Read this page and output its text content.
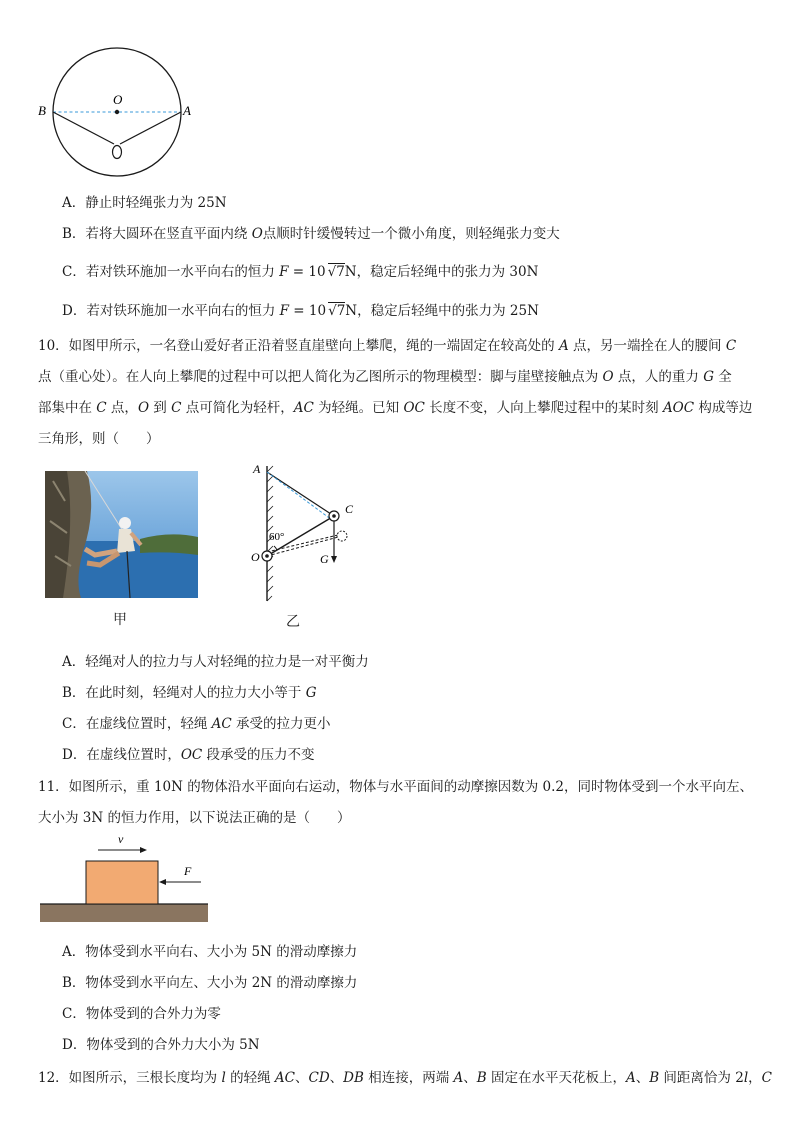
B
O
A
A．静止时轻绳张力为 25N
B．若将大圆环在竖直平面内绕 O点顺时针缓慢转过一个微小角度，则轻绳张力变大
C．若对铁环施加一水平向右的恒力 F = 10 √7N，稳定后轻绳中的张力为 30N
D．若对铁环施加一水平向右的恒力 F = 10 √7N，稳定后轻绳中的张力为 25N
10．如图甲所示，一名登山爱好者正沿着竖直崖壁向上攀爬，绳的一端固定在较高处的 A 点，另一端拴在人的腰间 C
点（重心处）。在人向上攀爬的过程中可以把人简化为乙图所示的物理模型：脚与崖壁接触点为 O 点，人的重力 G 全
部集中在 C 点，O 到 C 点可简化为轻杆，AC 为轻绳。已知 OC 长度不变，人向上攀爬过程中的某时刻 AOC 构成等边
三角形，则（　　）
甲
A
C
O	G
60°
乙
A．轻绳对人的拉力与人对轻绳的拉力是一对平衡力
B．在此时刻，轻绳对人的拉力大小等于 G
C．在虚线位置时，轻绳 AC 承受的拉力更小
D．在虚线位置时，OC 段承受的压力不变
11．如图所示，重 10N 的物体沿水平面向右运动，物体与水平面间的动摩擦因数为 0.2，同时物体受到一个水平向左、
大小为 3N 的恒力作用，以下说法正确的是（　　）
v
F
A．物体受到水平向右、大小为 5N 的滑动摩擦力
B．物体受到水平向左、大小为 2N 的滑动摩擦力
C．物体受到的合外力为零
D．物体受到的合外力大小为 5N
12．如图所示，三根长度均为 l 的轻绳 AC、CD、DB 相连接，两端 A、B 固定在水平天花板上，A、B 间距离恰为 2l，C
